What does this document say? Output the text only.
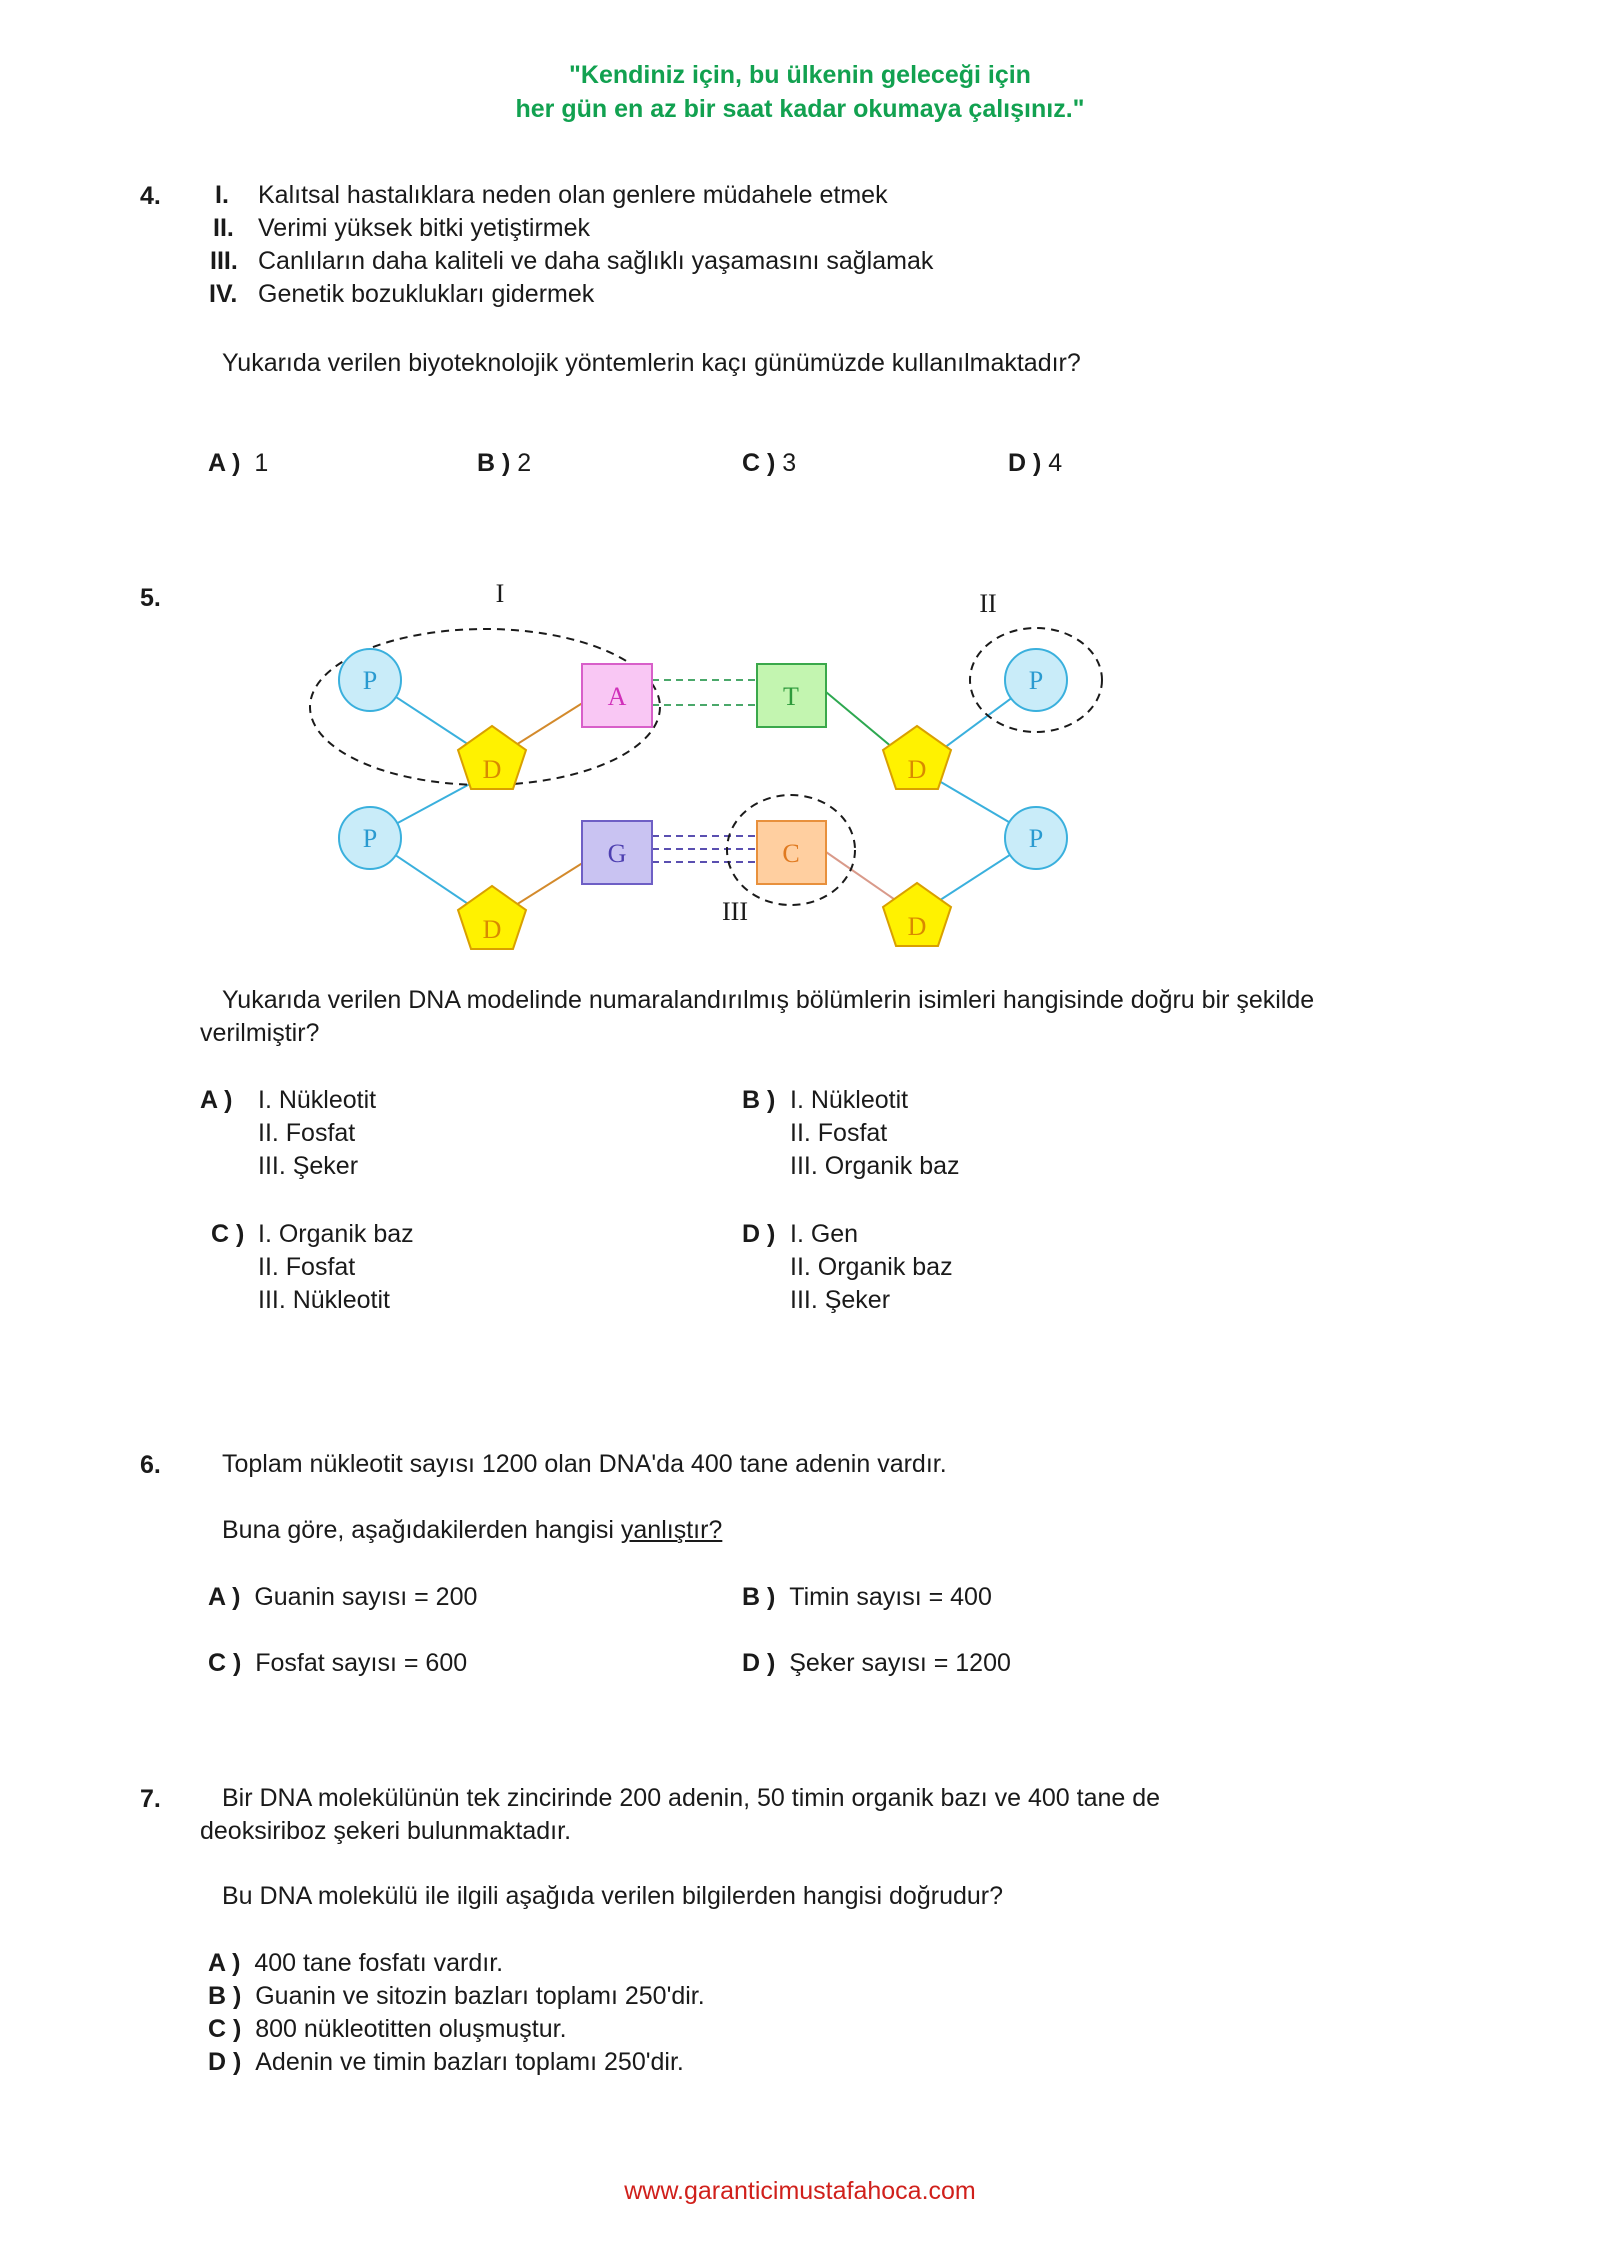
"Kendiniz için, bu ülkenin geleceği için
her gün en az bir saat kadar okumaya çalışınız."
4. I.	Kalıtsal hastalıklara neden olan genlere müdahele etmek
II. Verimi yüksek bitki yetiştirmek
III. Canlıların daha kaliteli ve daha sağlıklı yaşamasını sağlamak
IV. Genetik bozuklukları gidermek
Yukarıda verilen biyoteknolojik yöntemlerin kaçı günümüzde kullanılmaktadır?
A ) 1	B ) 2	C ) 3	D ) 4
5.
P
P
P
P
D
D
D
D
A	T
G	C
I	II
III
Yukarıda verilen DNA modelinde numaralandırılmış bölümlerin isimleri hangisinde doğru bir şekilde
verilmiştir?
A ) I. Nükleotit
II. Fosfat
III. Şeker
B ) I. Nükleotit
II. Fosfat
III. Organik baz
C ) I. Organik baz
II. Fosfat
III. Nükleotit
D ) I. Gen
II. Organik baz
III. Şeker
6. Toplam nükleotit sayısı 1200 olan DNA'da 400 tane adenin vardır.
Buna göre, aşağıdakilerden hangisi yanlıştır?
A ) Guanin sayısı = 200	B ) Timin sayısı = 400
C ) Fosfat sayısı = 600	D ) Şeker sayısı = 1200
7. Bir DNA molekülünün tek zincirinde 200 adenin, 50 timin organik bazı ve 400 tane de
deoksiriboz şekeri bulunmaktadır.
Bu DNA molekülü ile ilgili aşağıda verilen bilgilerden hangisi doğrudur?
A ) 400 tane fosfatı vardır.
B ) Guanin ve sitozin bazları toplamı 250'dir.
C ) 800 nükleotitten oluşmuştur.
D ) Adenin ve timin bazları toplamı 250'dir.
www.garanticimustafahoca.com
